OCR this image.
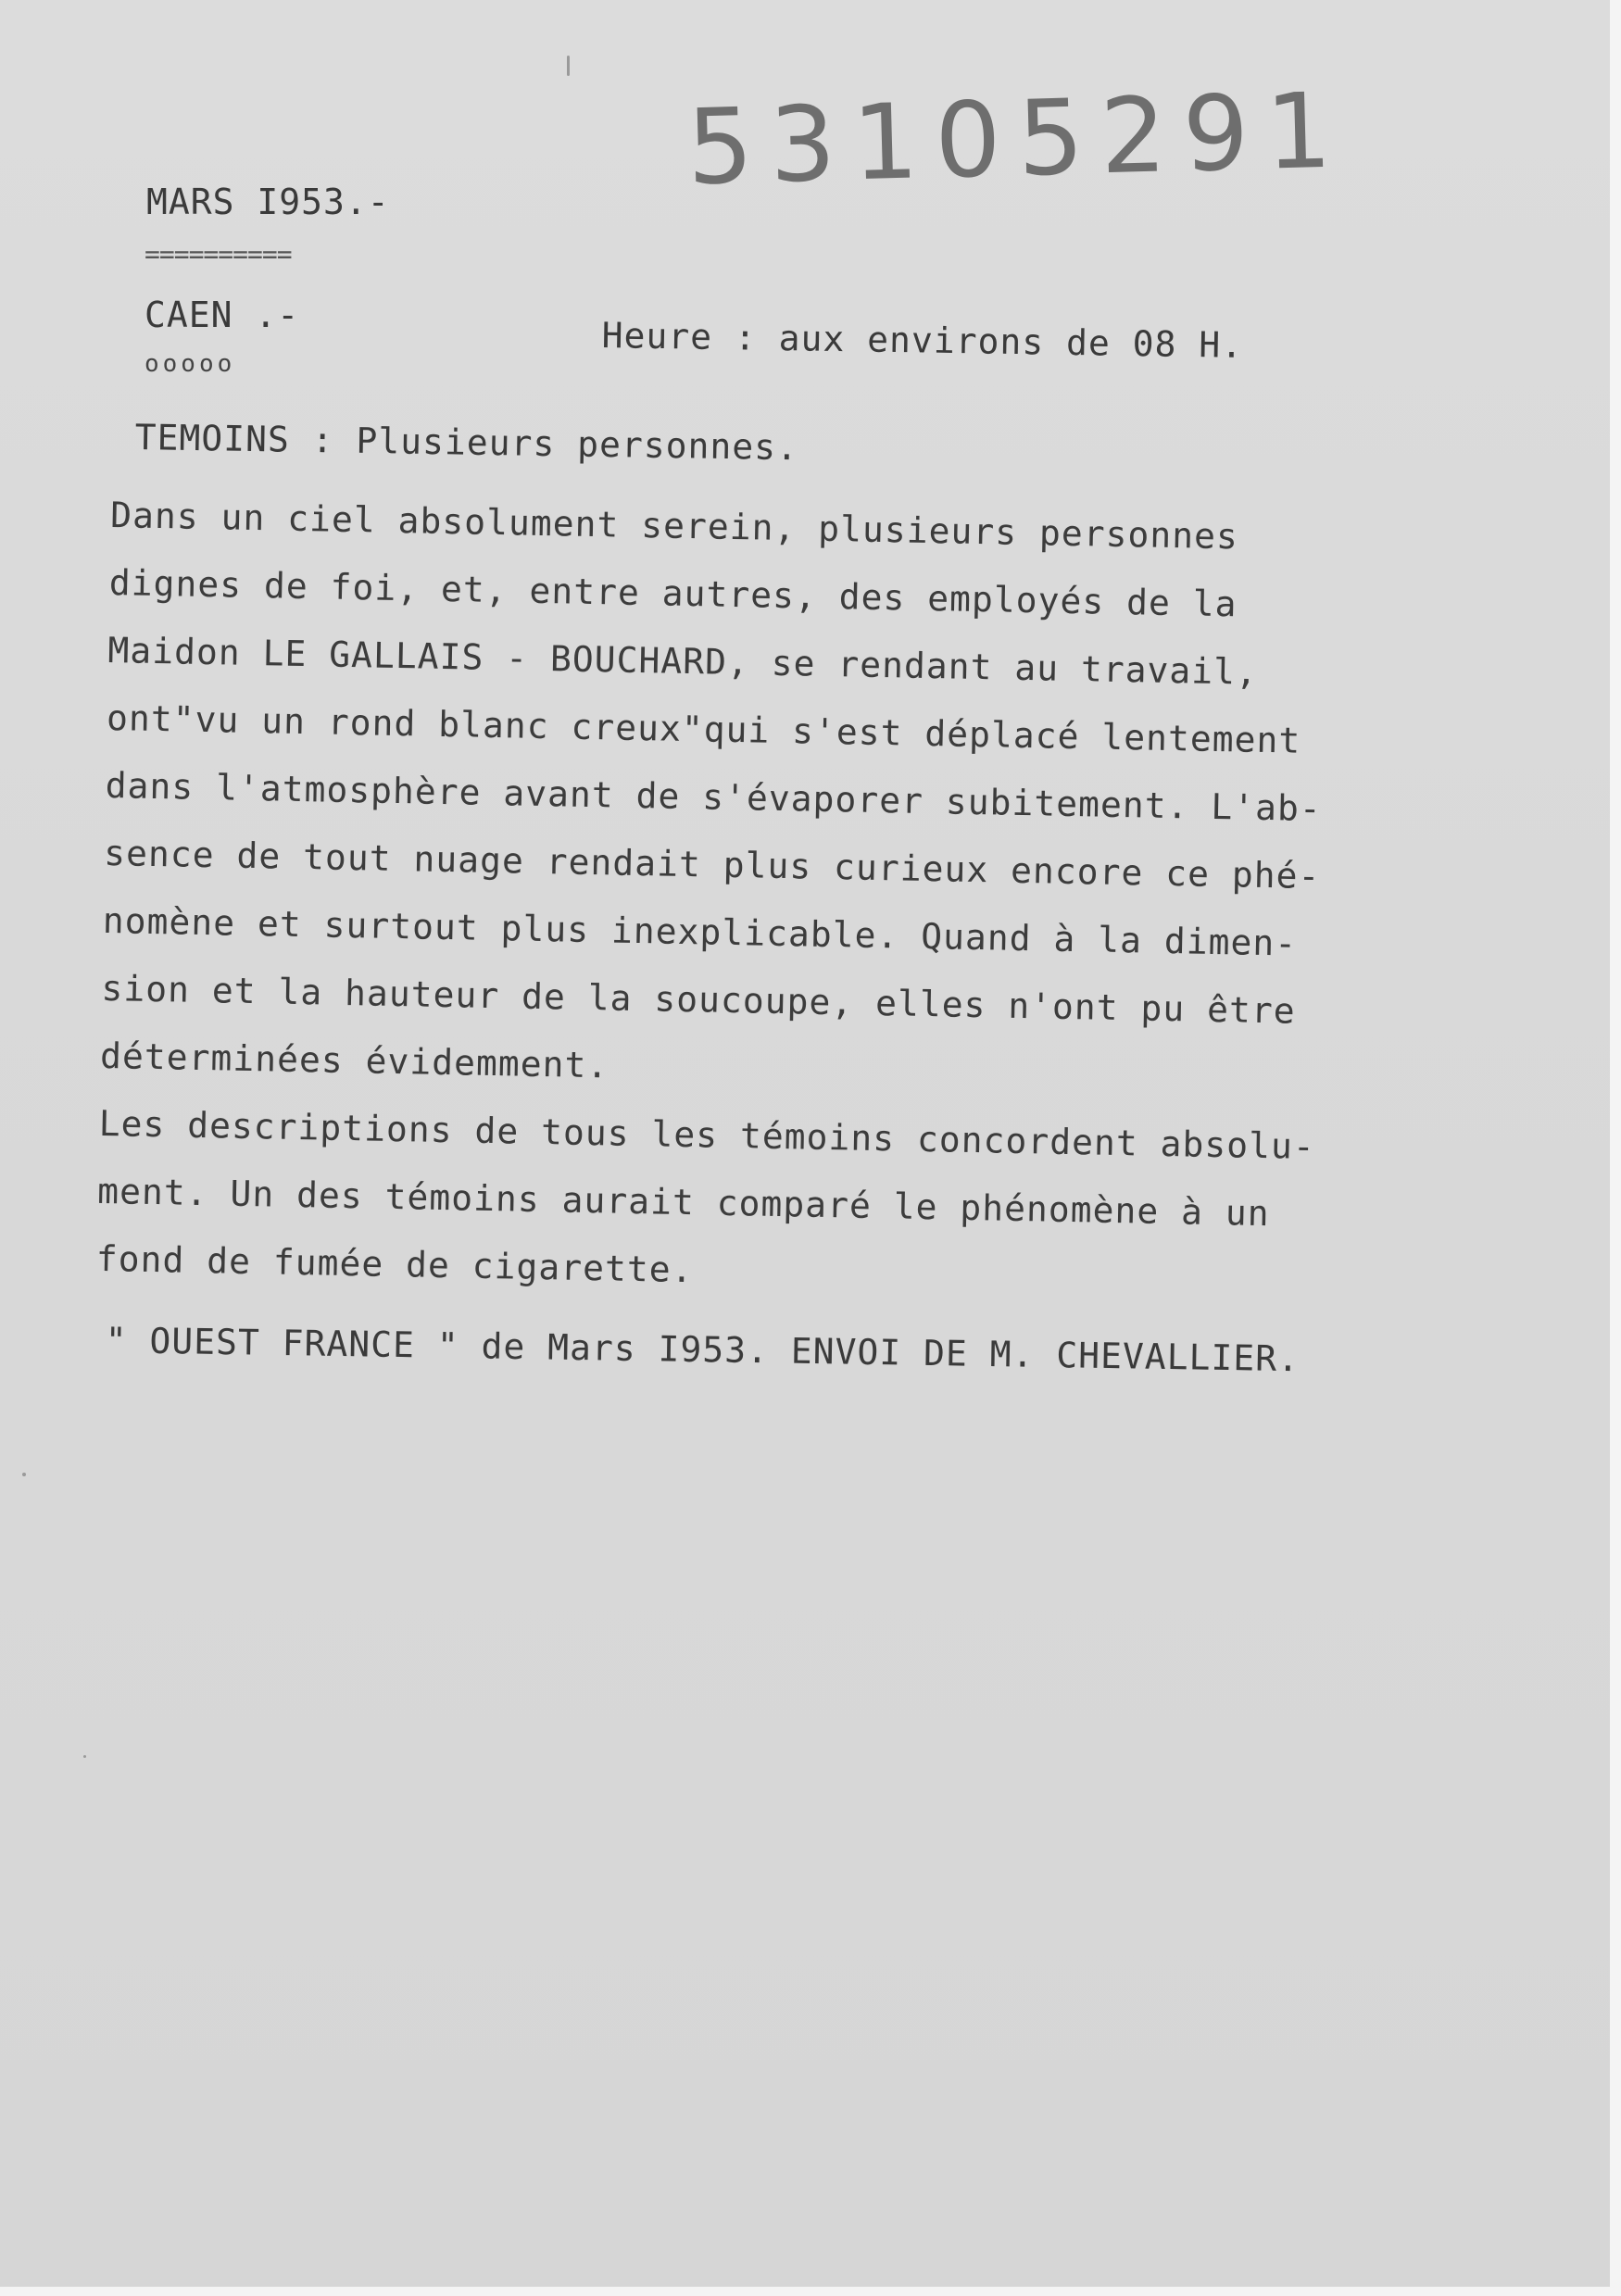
53105291
MARS I953.-
==========
CAEN .-
ooooo	Heure : aux environs de 08 H.
TEMOINS : Plusieurs personnes.
Dans un ciel absolument serein, plusieurs personnes
dignes de foi, et, entre autres, des employés de la
Maidon LE GALLAIS - BOUCHARD, se rendant au travail,
ont"vu un rond blanc creux"qui s'est déplacé lentement
dans l'atmosphère avant de s'évaporer subitement. L'ab-
sence de tout nuage rendait plus curieux encore ce phé-
nomène et surtout plus inexplicable. Quand à la dimen-
sion et la hauteur de la soucoupe, elles n'ont pu être
déterminées évidemment.
Les descriptions de tous les témoins concordent absolu-
ment. Un des témoins aurait comparé le phénomène à un
fond de fumée de cigarette.
" OUEST FRANCE " de Mars I953. ENVOI DE M. CHEVALLIER.
